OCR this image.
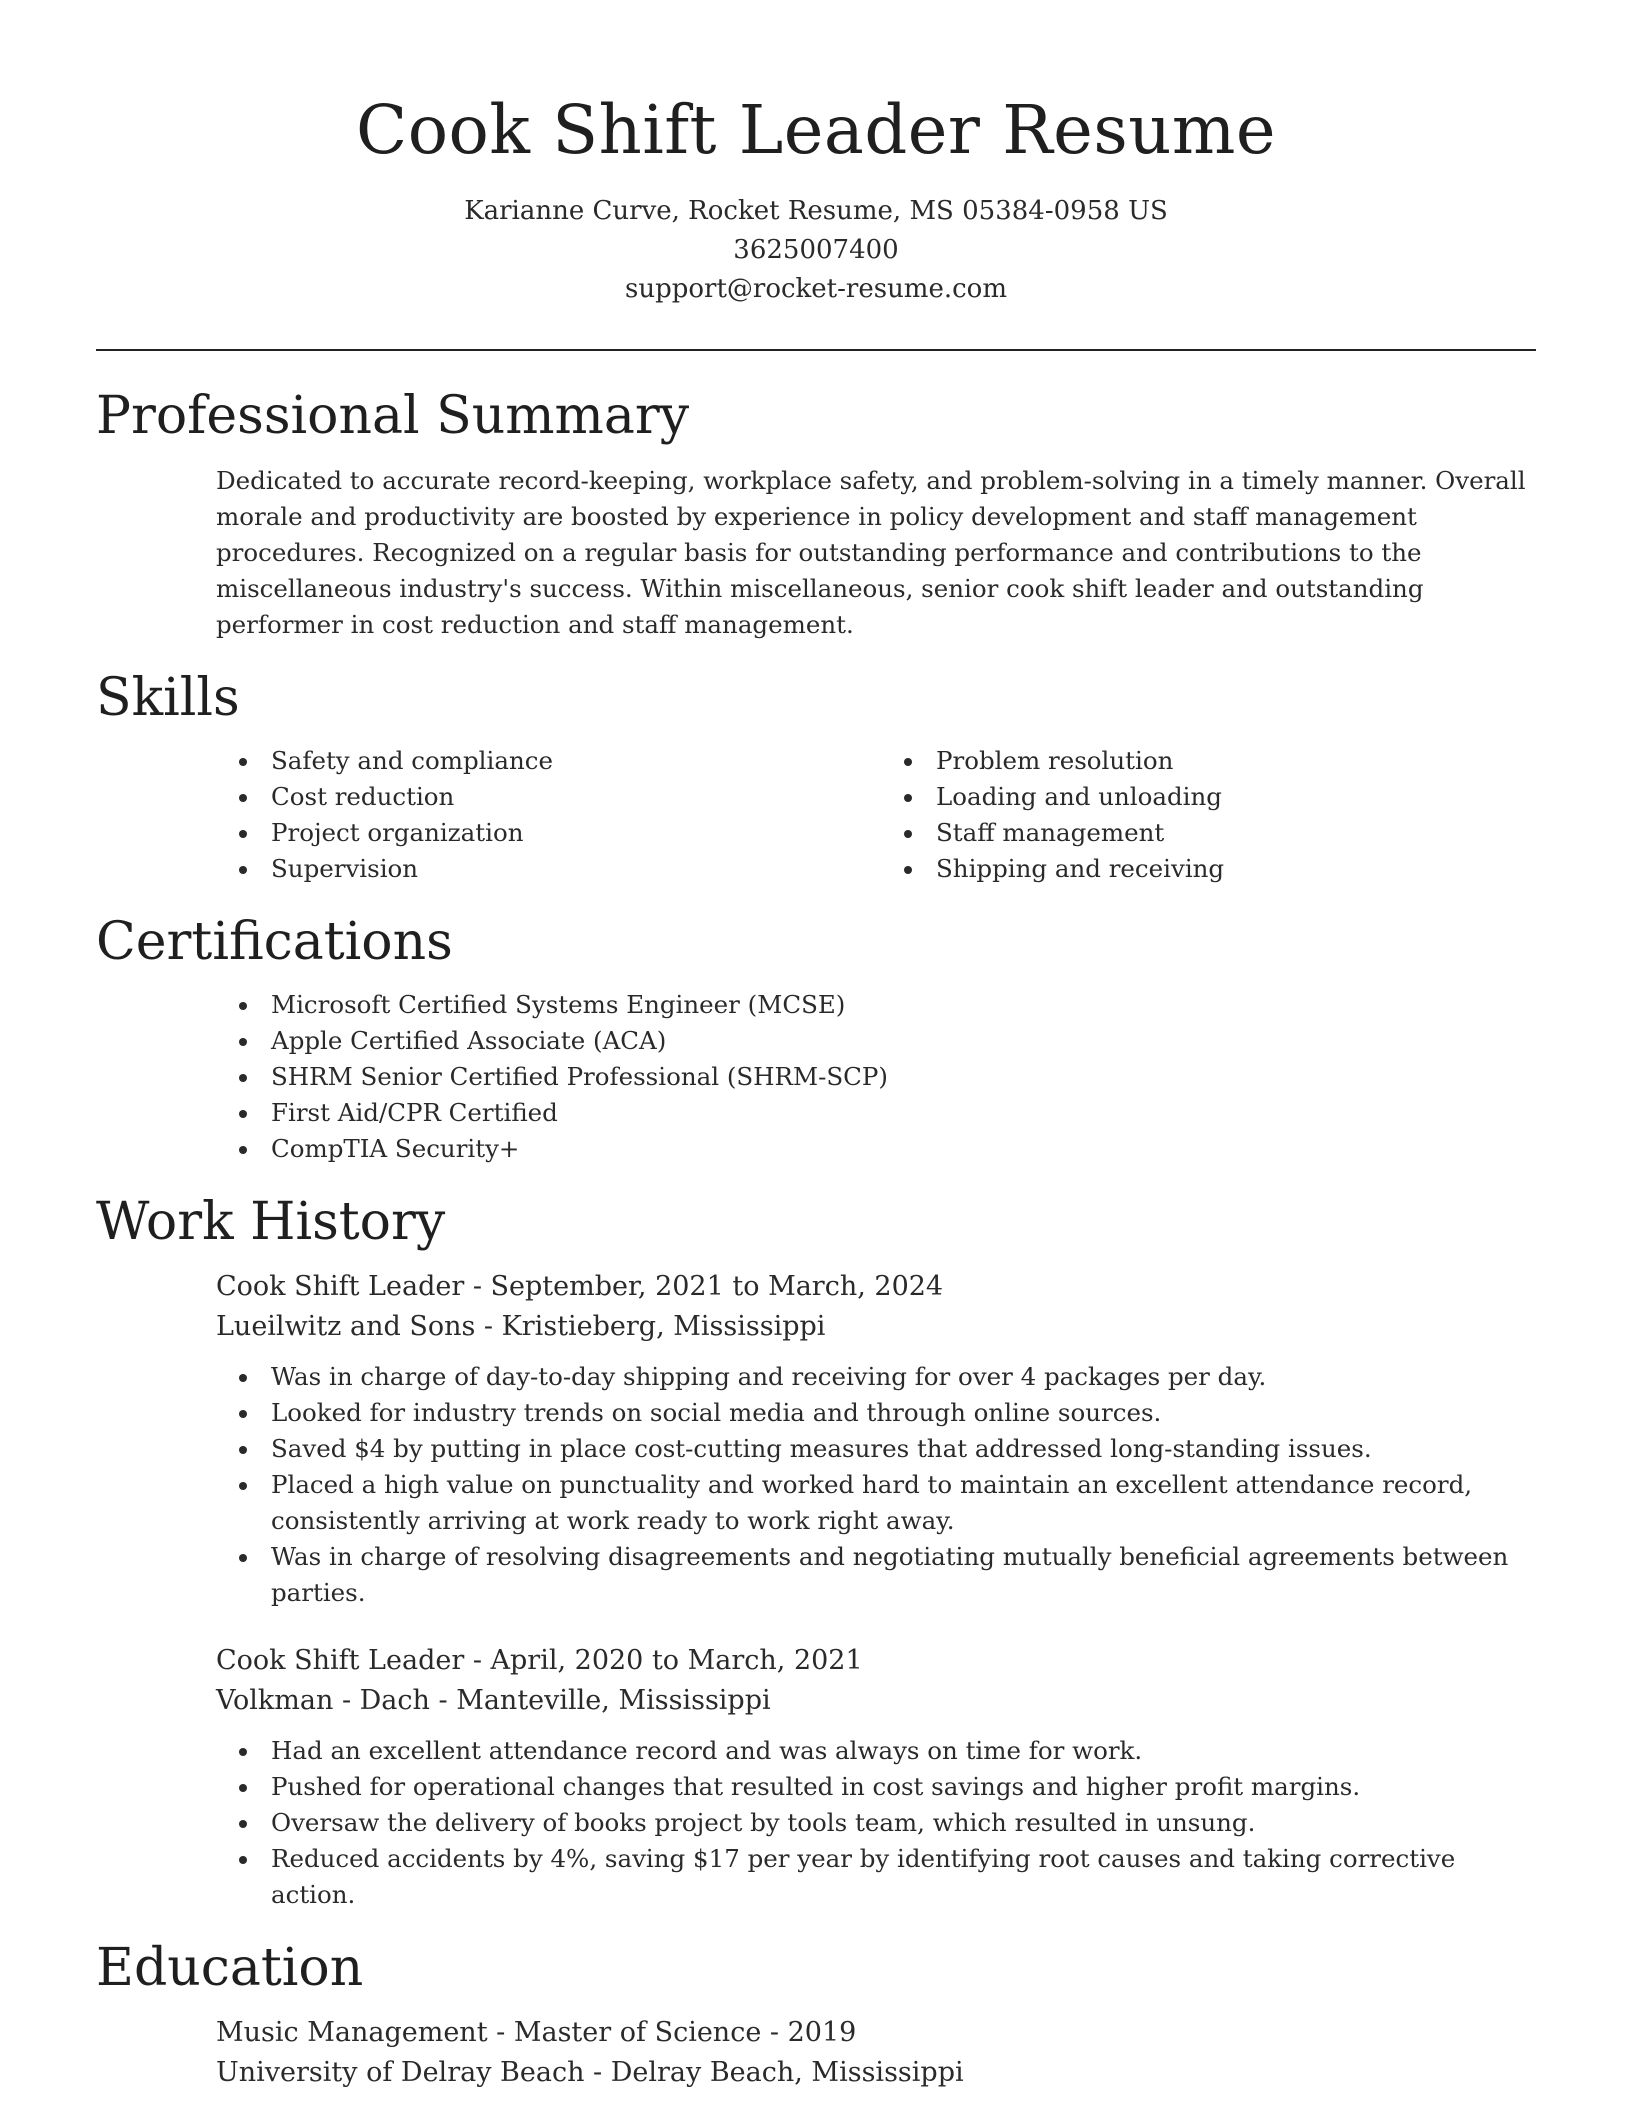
Cook Shift Leader Resume
Karianne Curve, Rocket Resume, MS 05384-0958 US
3625007400
support@rocket-resume.com
Professional Summary
Dedicated to accurate record-keeping, workplace safety, and problem-solving in a timely manner. Overall morale and productivity are boosted by experience in policy development and staff management procedures. Recognized on a regular basis for outstanding performance and contributions to the miscellaneous industry's success. Within miscellaneous, senior cook shift leader and outstanding performer in cost reduction and staff management.
Skills
• Safety and compliance
• Cost reduction
• Project organization
• Supervision
• Problem resolution
• Loading and unloading
• Staff management
• Shipping and receiving
Certifications
• Microsoft Certified Systems Engineer (MCSE)
• Apple Certified Associate (ACA)
• SHRM Senior Certified Professional (SHRM-SCP)
• First Aid/CPR Certified
• CompTIA Security+
Work History
Cook Shift Leader - September, 2021 to March, 2024
Lueilwitz and Sons - Kristieberg, Mississippi
• Was in charge of day-to-day shipping and receiving for over 4 packages per day.
• Looked for industry trends on social media and through online sources.
• Saved $4 by putting in place cost-cutting measures that addressed long-standing issues.
• Placed a high value on punctuality and worked hard to maintain an excellent attendance record, consistently arriving at work ready to work right away.
• Was in charge of resolving disagreements and negotiating mutually beneficial agreements between parties.
Cook Shift Leader - April, 2020 to March, 2021
Volkman - Dach - Manteville, Mississippi
• Had an excellent attendance record and was always on time for work.
• Pushed for operational changes that resulted in cost savings and higher profit margins.
• Oversaw the delivery of books project by tools team, which resulted in unsung.
• Reduced accidents by 4%, saving $17 per year by identifying root causes and taking corrective action.
Education
Music Management - Master of Science - 2019
University of Delray Beach - Delray Beach, Mississippi
